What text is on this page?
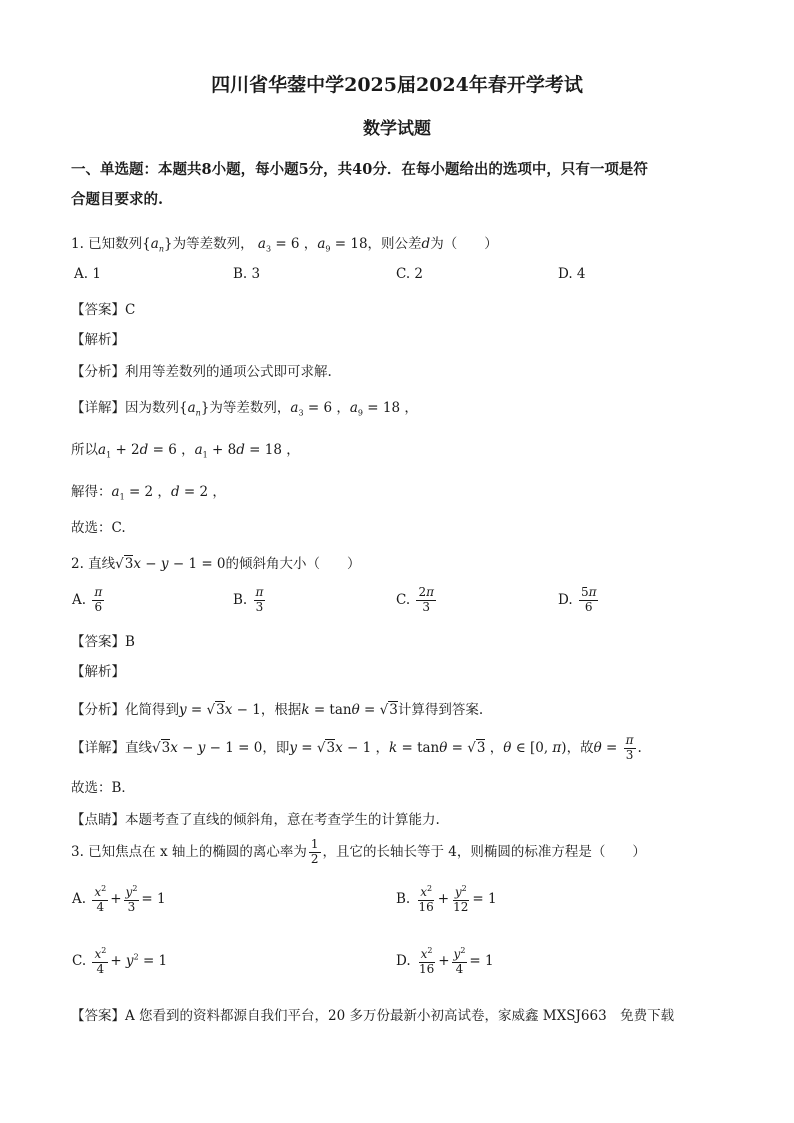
四川省华蓥中学2025届2024年春开学考试
数学试题
一、单选题：本题共8小题，每小题5分，共40分．在每小题给出的选项中，只有一项是符
合题目要求的.
1. 已知数列$\{a_n\}$为等差数列， $a_3 = 6$ ，$a_9 = 18$，则公差d为（　　）
A. 1	B. 3	C. 2	D. 4
【答案】C
【解析】
【分析】利用等差数列的通项公式即可求解.
【详解】因为数列$\{a_n\}$为等差数列，$a_3 = 6$ ，$a_9 = 18$ ，
所以$a_1 + 2d = 6$ ，$a_1 + 8d = 18$ ，
解得：$a_1 = 2$ ，d = 2 ，
故选：C.
2. 直线√3x − y − 1 = 0的倾斜角大小（　　）
A. $\frac{\pi}{6}$	B. $\frac{\pi}{3}$	C. $\frac{2\pi}{3}$	D. $\frac{5\pi}{6}$
【答案】B
【解析】
【分析】化简得到y = √3x − 1，根据k = tanθ = √3计算得到答案.
【详解】直线√3x − y − 1 = 0，即y = √3x − 1 ，k = tanθ = √3 ，θ ∈ [0, π)，故$\theta = \frac{\pi}{3}$ .
故选：B．
【点睛】本题考查了直线的倾斜角，意在考查学生的计算能力.
3. 已知焦点在 x 轴上的椭圆的离心率为 $\frac{1}{2}$ ，且它的长轴长等于 4，则椭圆的标准方程是（　　）
A. $\frac{x^2}{4} + \frac{y^2}{3} = 1$	B. $\frac{x^2}{16} + \frac{y^2}{12} = 1$
C. $\frac{x^2}{4} + y^2 = 1$	D. $\frac{x^2}{16} + \frac{y^2}{4} = 1$
【答案】A 您看到的资料都源自我们平台，20 多万份最新小初高试卷，家威鑫 MXSJ663　免费下载
